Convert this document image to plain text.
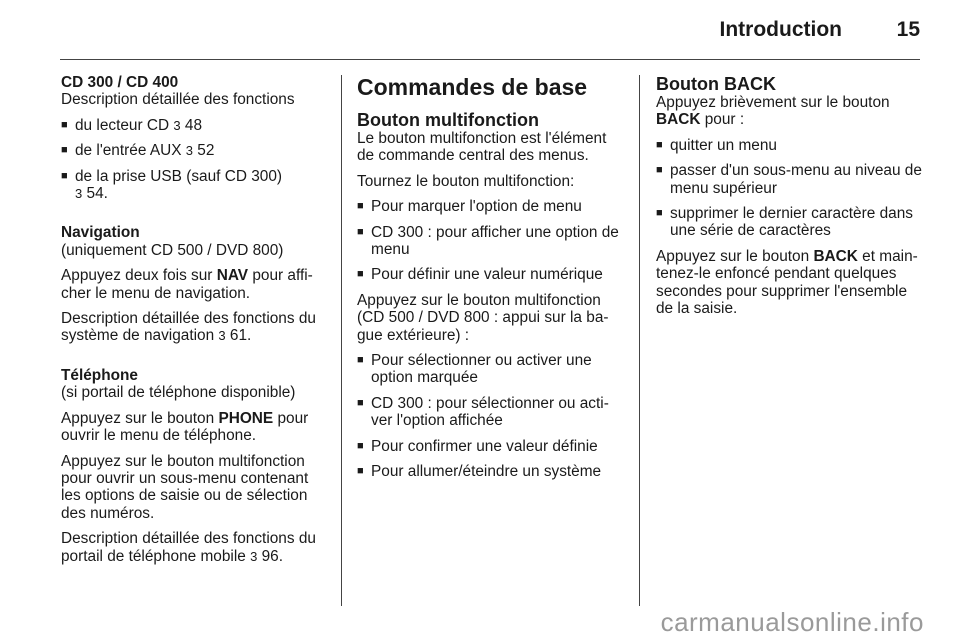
Introduction	15
CD 300 / CD 400

Description détaillée des fonctions

■ du lecteur CD 3 48
■ de l'entrée AUX 3 52
■ de la prise USB (sauf CD 300)
3 54.
Navigation

(uniquement CD 500 / DVD 800)

Appuyez deux fois sur NAV pour affi-cher le menu de navigation.

Description détaillée des fonctions du système de navigation 3 61.

Téléphone

(si portail de téléphone disponible)

Appuyez sur le bouton PHONE pour ouvrir le menu de téléphone.

Appuyez sur le bouton multifonction pour ouvrir un sous-menu contenant les options de saisie ou de sélection des numéros.

Description détaillée des fonctions du portail de téléphone mobile 3 96.

Commandes de base
Bouton multifonction

Le bouton multifonction est l'élément de commande central des menus.

Tournez le bouton multifonction:

■ Pour marquer l'option de menu
■ CD 300 : pour afficher une option de menu
■ Pour définir une valeur numérique

Appuyez sur le bouton multifonction (CD 500 / DVD 800 : appui sur la ba-gue extérieure) :

■ Pour sélectionner ou activer une option marquée
■ CD 300 : pour sélectionner ou acti-ver l'option affichée
■ Pour confirmer une valeur définie
■ Pour allumer/éteindre un système
Bouton BACK

Appuyez brièvement sur le bouton BACK pour :

■ quitter un menu
■ passer d'un sous-menu au niveau de menu supérieur
■ supprimer le dernier caractère dans une série de caractères

Appuyez sur le bouton BACK et main-tenez-le enfoncé pendant quelques secondes pour supprimer l'ensemble de la saisie.

carmanualsonline.info
